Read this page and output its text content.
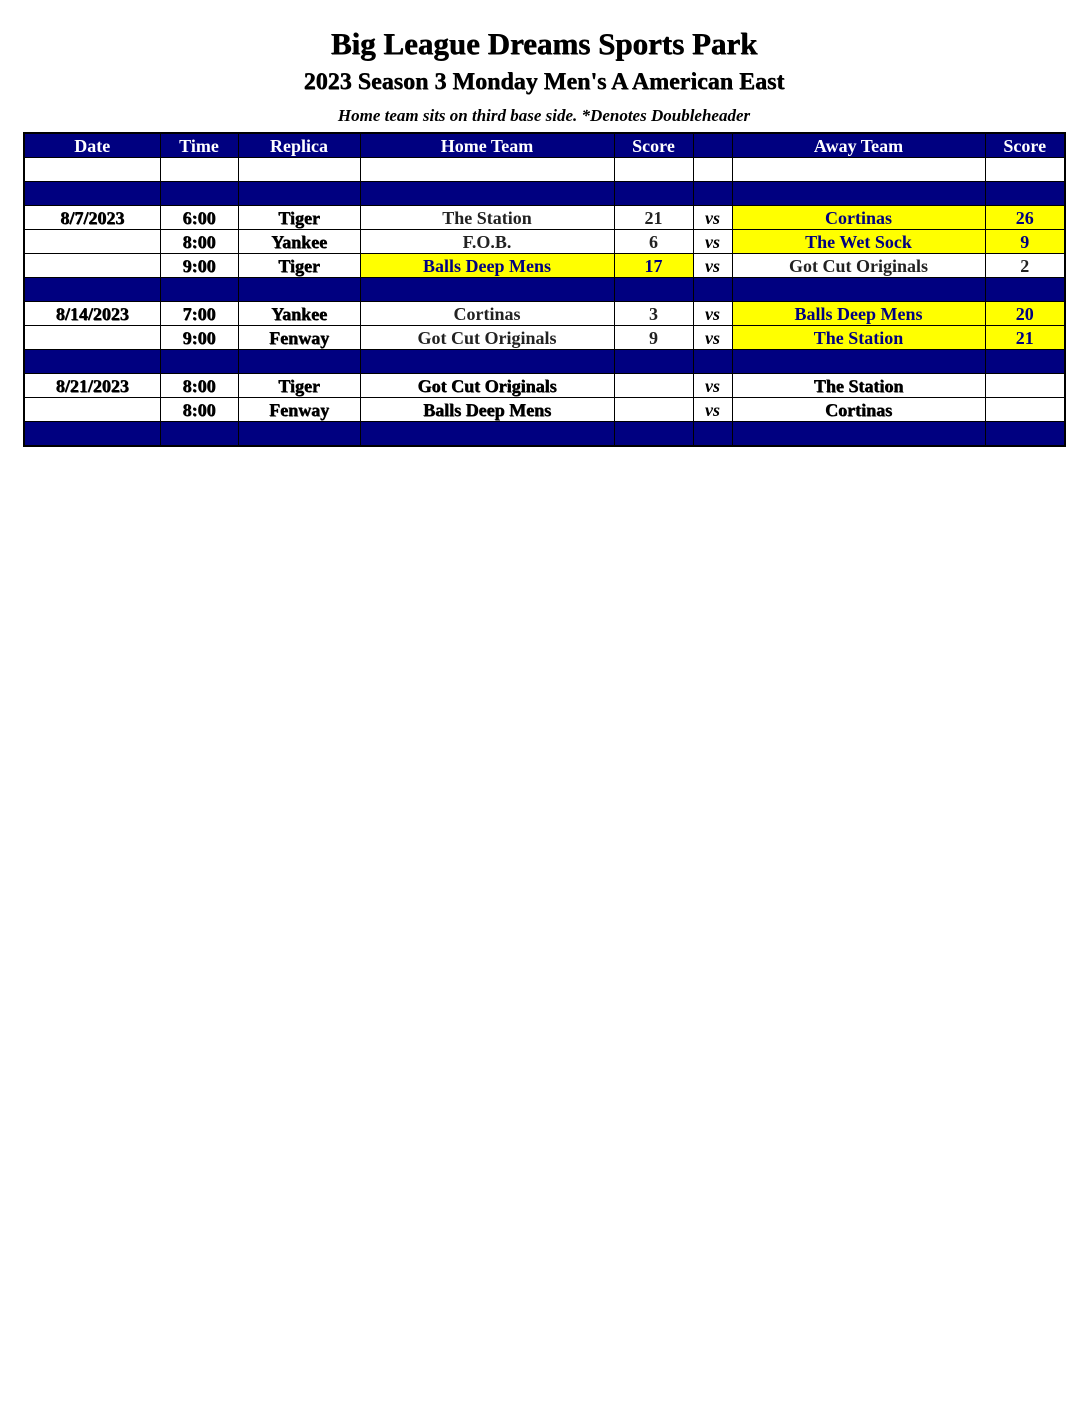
Big League Dreams Sports Park
2023 Season 3 Monday Men's A American East
Home team sits on third base side. *Denotes Doubleheader
Date	Time	Replica	Home Team	Score		Away Team	Score

8/7/2023	6:00	Tiger	The Station	21	vs	Cortinas	26
	8:00	Yankee	F.O.B.	6	vs	The Wet Sock	9
	9:00	Tiger	Balls Deep Mens	17	vs	Got Cut Originals	2

8/14/2023	7:00	Yankee	Cortinas	3	vs	Balls Deep Mens	20
	9:00	Fenway	Got Cut Originals	9	vs	The Station	21

8/21/2023	8:00	Tiger	Got Cut Originals		vs	The Station	
	8:00	Fenway	Balls Deep Mens		vs	Cortinas	
